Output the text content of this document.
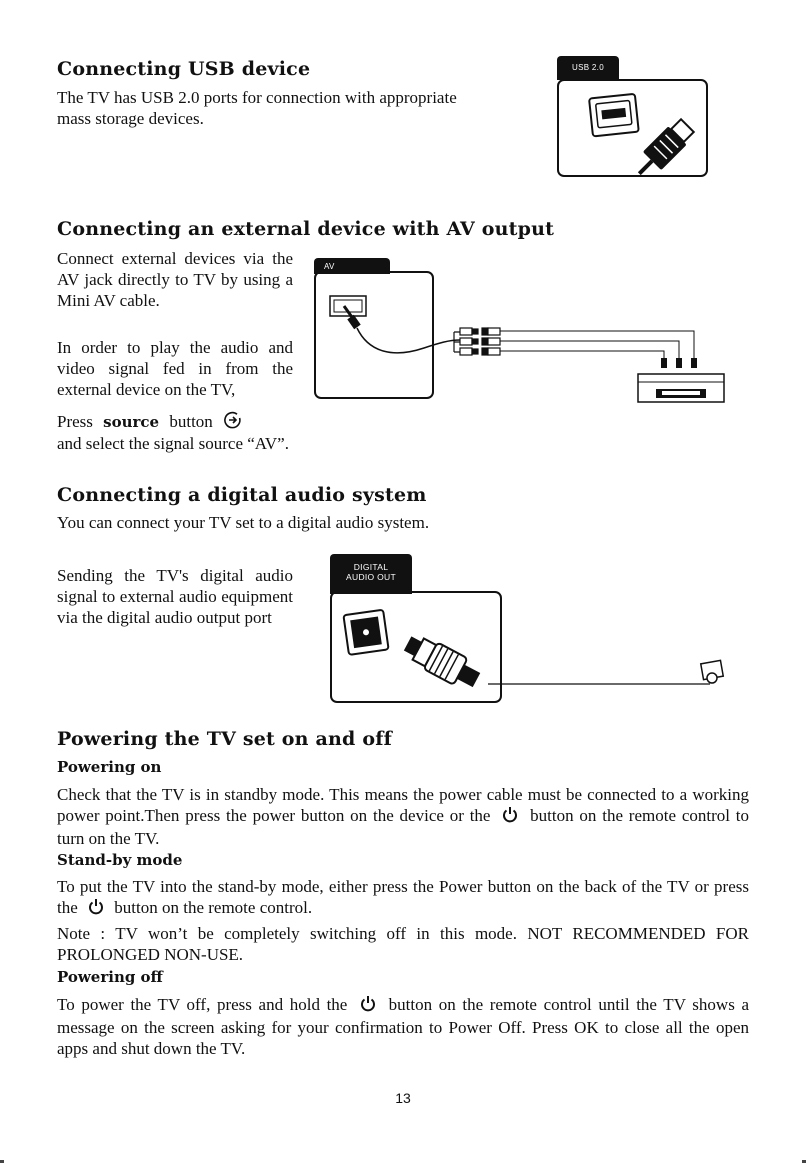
Connecting USB device

The TV has USB 2.0 ports for connection with appropriate mass storage devices.

USB 2.0
Connecting an external device with AV output

Connect external devices via the AV jack directly to TV by using a Mini AV cable.

In order to play the audio and video signal fed in from the external device on the TV,

Press source button

and select the signal source “AV”.

AV
Connecting a digital audio system

You can connect your TV set to a digital audio system.

Sending the TV's digital audio signal to external audio equipment via the digital audio output port

DIGITAL
AUDIO OUT
Powering the TV set on and off
Powering on

Check that the TV is in standby mode. This means the power cable must be connected to a working power point.Then press the power button on the device or the button on the remote control to turn on the TV.

Stand-by mode

To put the TV into the stand-by mode, either press the Power button on the back of the TV or press the button on the remote control.

Note : TV won’t be completely switching off in this mode. NOT RECOMMENDED FOR PROLONGED NON-USE.

Powering off

To power the TV off, press and hold the button on the remote control until the TV shows a message on the screen asking for your confirmation to Power Off. Press OK to close all the open apps and shut down the TV.

13
